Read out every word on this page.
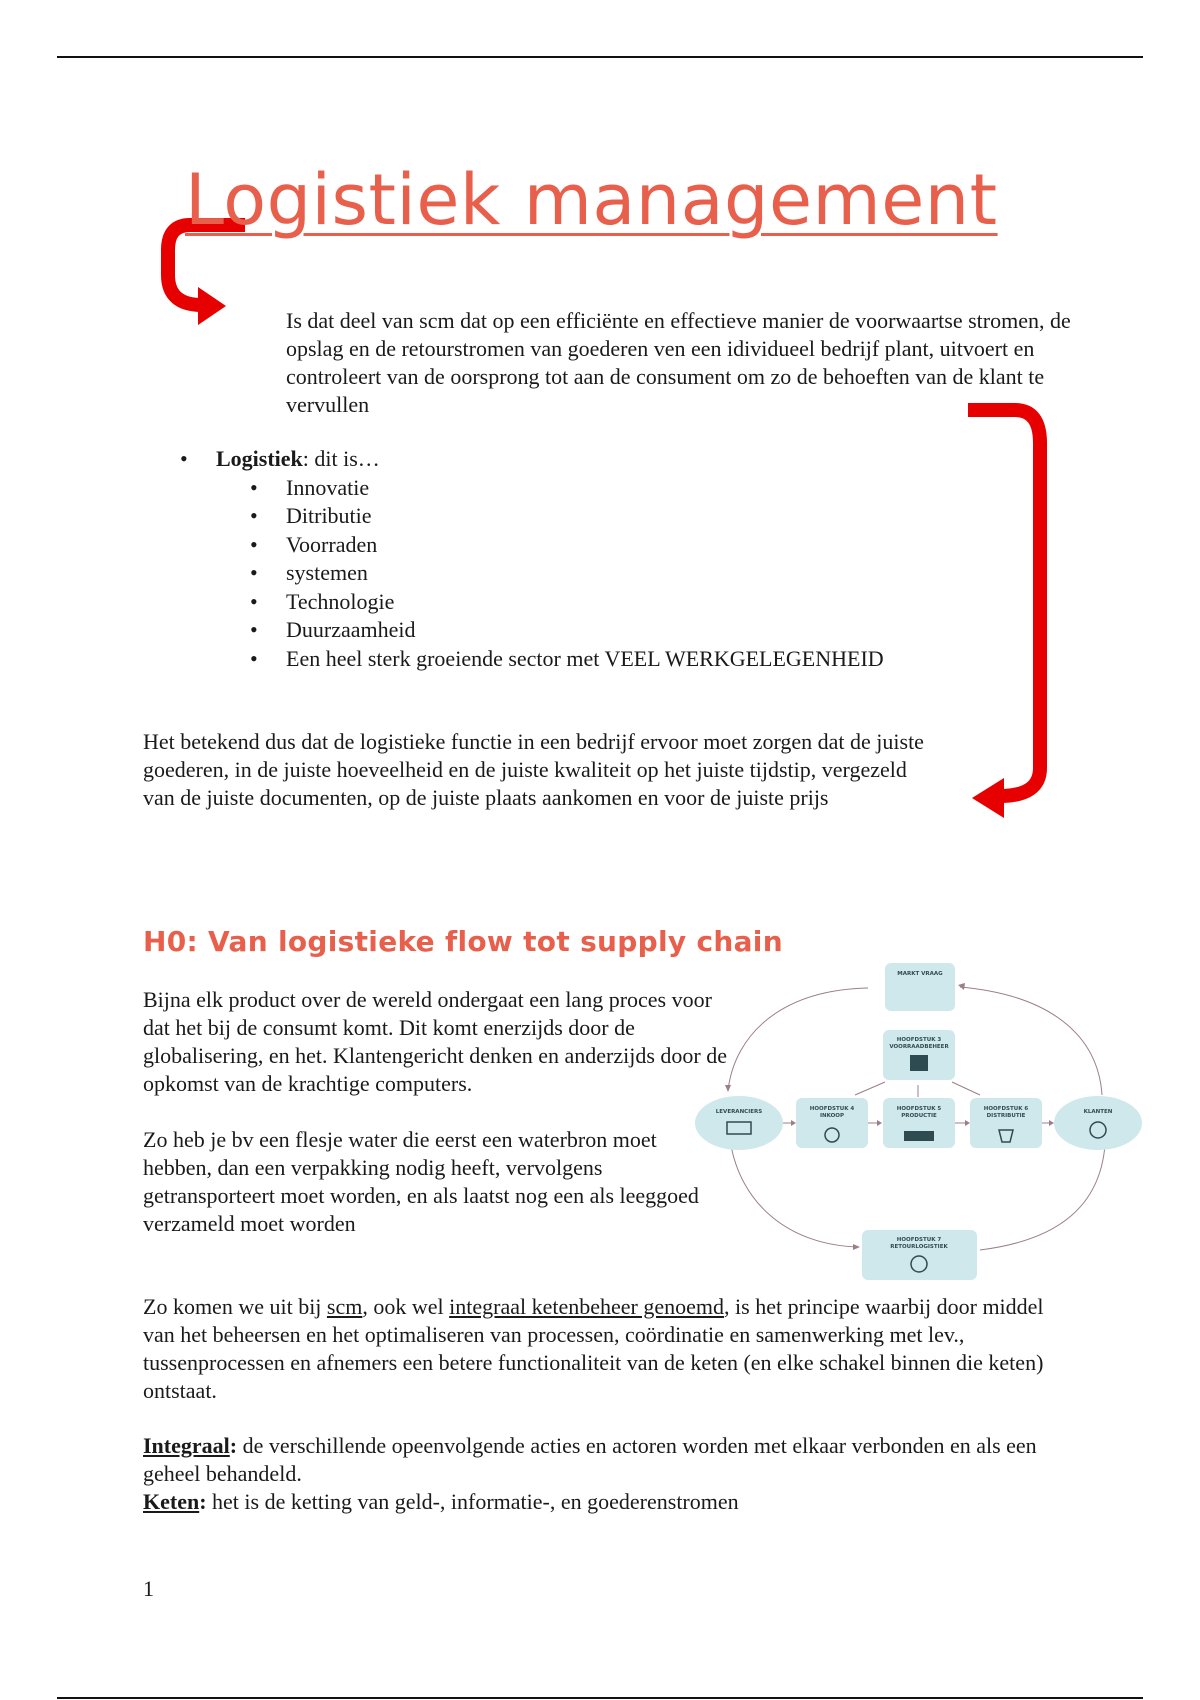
Logistiek management

Is dat deel van scm dat op een efficiënte en effectieve manier de voorwaartse stromen, de opslag en de retourstromen van goederen ven een idividueel bedrijf plant, uitvoert en controleert van de oorsprong tot aan de consument om zo de behoeften van de klant te vervullen

• Logistiek: dit is…
• Innovatie
• Ditributie
• Voorraden
• systemen
• Technologie
• Duurzaamheid
• Een heel sterk groeiende sector met VEEL WERKGELEGENHEID

Het betekend dus dat de logistieke functie in een bedrijf ervoor moet zorgen dat de juiste goederen, in de juiste hoeveelheid en de juiste kwaliteit op het juiste tijdstip, vergezeld van de juiste documenten, op de juiste plaats aankomen en voor de juiste prijs

H0: Van logistieke flow tot supply chain

Bijna elk product over de wereld ondergaat een lang proces voor dat het bij de consumt komt. Dit komt enerzijds door de globalisering, en het. Klantengericht denken en anderzijds door de opkomst van de krachtige computers.

Zo heb je bv een flesje water die eerst een waterbron moet hebben, dan een verpakking nodig heeft, vervolgens getransporteert moet worden, en als laatst nog een als leeggoed verzameld moet worden

MARKT VRAAG
HOOFDSTUK 3
VOORRAADBEHEER
LEVERANCIERS	HOOFDSTUK 4
INKOOP
HOOFDSTUK 5
PRODUCTIE
HOOFDSTUK 6
DISTRIBUTIE
KLANTEN
HOOFDSTUK 7
RETOURLOGISTIEK

Zo komen we uit bij scm, ook wel integraal ketenbeheer genoemd, is het principe waarbij door middel van het beheersen en het optimaliseren van processen, coördinatie en samenwerking met lev., tussenprocessen en afnemers een betere functionaliteit van de keten (en elke schakel binnen die keten) ontstaat.

Integraal: de verschillende opeenvolgende acties en actoren worden met elkaar verbonden en als een geheel behandeld.
Keten: het is de ketting van geld-, informatie-, en goederenstromen

1
